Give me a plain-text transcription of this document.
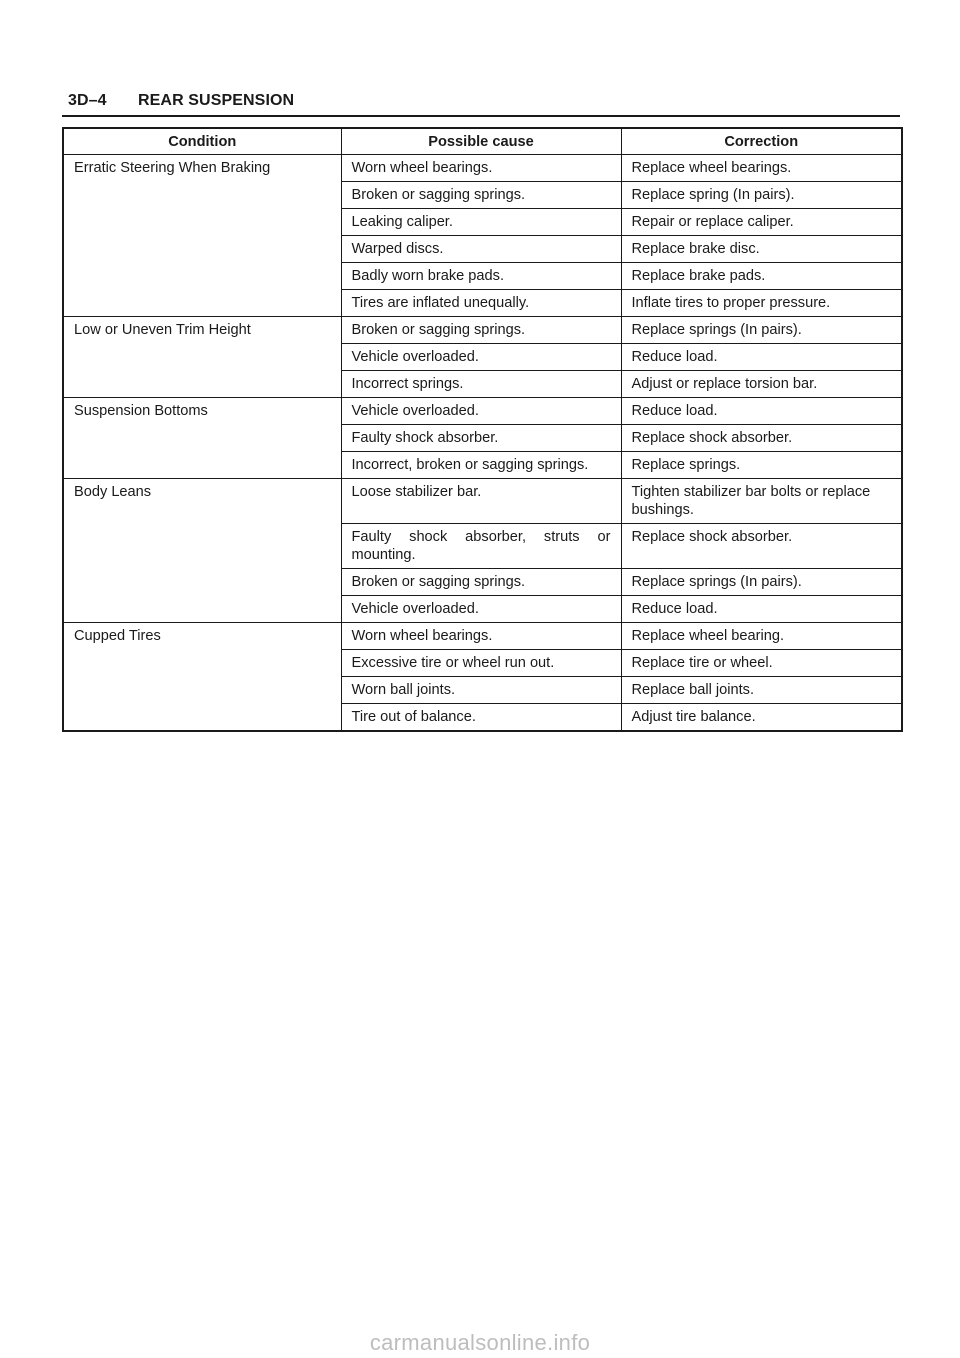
3D–4 REAR SUSPENSION
Condition	Possible cause	Correction
Erratic Steering When Braking	Worn wheel bearings.	Replace wheel bearings.
	Broken or sagging springs.	Replace spring (In pairs).
	Leaking caliper.	Repair or replace caliper.
	Warped discs.	Replace brake disc.
	Badly worn brake pads.	Replace brake pads.
	Tires are inflated unequally.	Inflate tires to proper pressure.
Low or Uneven Trim Height	Broken or sagging springs.	Replace springs (In pairs).
	Vehicle overloaded.	Reduce load.
	Incorrect springs.	Adjust or replace torsion bar.
Suspension Bottoms	Vehicle overloaded.	Reduce load.
	Faulty shock absorber.	Replace shock absorber.
	Incorrect, broken or sagging springs.	Replace springs.
Body Leans	Loose stabilizer bar.	Tighten stabilizer bar bolts or replace bushings.
	Faulty shock absorber, struts or mounting.	Replace shock absorber.
	Broken or sagging springs.	Replace springs (In pairs).
	Vehicle overloaded.	Reduce load.
Cupped Tires	Worn wheel bearings.	Replace wheel bearing.
	Excessive tire or wheel run out.	Replace tire or wheel.
	Worn ball joints.	Replace ball joints.
	Tire out of balance.	Adjust tire balance.
carmanualsonline.info
